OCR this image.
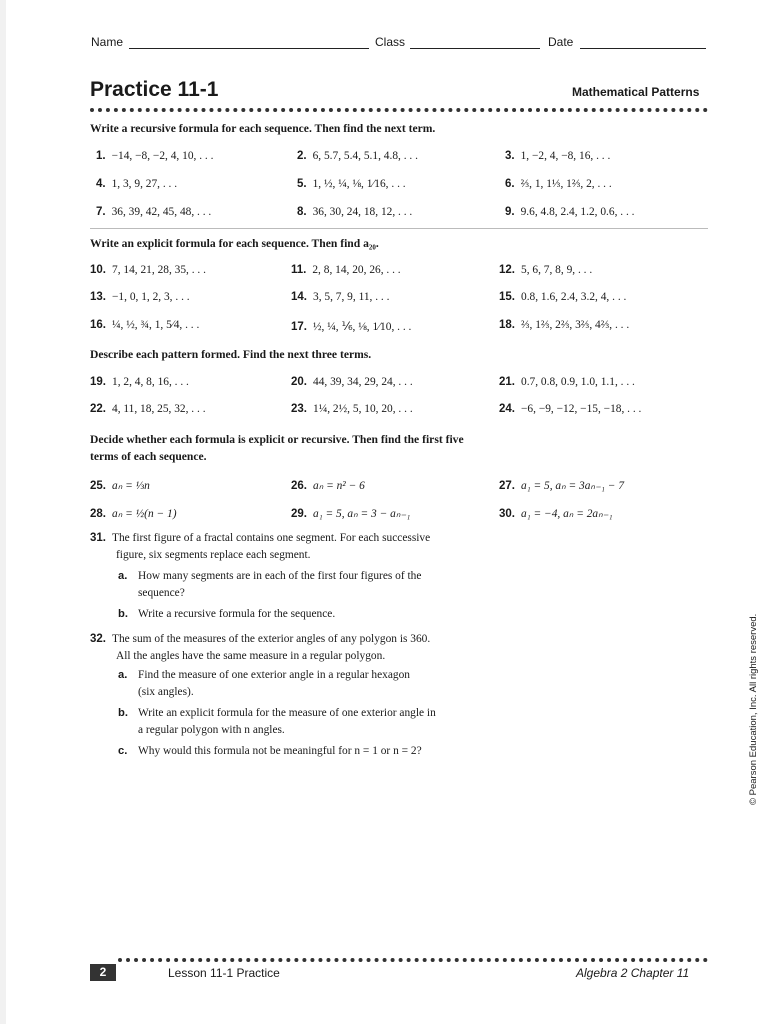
Name	Class	Date
Practice 11-1	Mathematical Patterns
Write a recursive formula for each sequence. Then find the next term.
1. −14, −8, −2, 4, 10, . . .	2. 6, 5.7, 5.4, 5.1, 4.8, . . .	3. 1, −2, 4, −8, 16, . . .
4. 1, 3, 9, 27, . . .	5. 1, ½, ¼, ⅛, 1⁄16, . . .	6. ⅔, 1, 1⅓, 1⅔, 2, . . .
7. 36, 39, 42, 45, 48, . . .	8. 36, 30, 24, 18, 12, . . .	9. 9.6, 4.8, 2.4, 1.2, 0.6, . . .
Write an explicit formula for each sequence. Then find a₂₀.
10. 7, 14, 21, 28, 35, . . .	11. 2, 8, 14, 20, 26, . . .	12. 5, 6, 7, 8, 9, . . .
13. −1, 0, 1, 2, 3, . . .	14. 3, 5, 7, 9, 11, . . .	15. 0.8, 1.6, 2.4, 3.2, 4, . . .
16. ¼, ½, ¾, 1, 5⁄4, . . .	17. ½, ¼, ⅙, ⅛, 1⁄10, . . .	18. ⅔, 1⅔, 2⅔, 3⅔, 4⅔, . . .
Describe each pattern formed. Find the next three terms.
19. 1, 2, 4, 8, 16, . . .	20. 44, 39, 34, 29, 24, . . .	21. 0.7, 0.8, 0.9, 1.0, 1.1, . . .
22. 4, 11, 18, 25, 32, . . .	23. 1¼, 2½, 5, 10, 20, . . .	24. −6, −9, −12, −15, −18, . . .
Decide whether each formula is explicit or recursive. Then find the first five
terms of each sequence.
25. aₙ = ⅓n	26. aₙ = n² − 6	27. a₁ = 5, aₙ = 3aₙ₋₁ − 7
28. aₙ = ½(n − 1)	29. a₁ = 5, aₙ = 3 − aₙ₋₁	30. a₁ = −4, aₙ = 2aₙ₋₁
31. The first figure of a fractal contains one segment. For each successive
figure, six segments replace each segment.
a. How many segments are in each of the first four figures of the
sequence?
b. Write a recursive formula for the sequence.
32. The sum of the measures of the exterior angles of any polygon is 360.
All the angles have the same measure in a regular polygon.
a. Find the measure of one exterior angle in a regular hexagon
(six angles).
b. Write an explicit formula for the measure of one exterior angle in
a regular polygon with n angles.
c. Why would this formula not be meaningful for n = 1 or n = 2?	© Pearson Education, Inc. All rights reserved.
2	Lesson 11-1 Practice	Algebra 2 Chapter 11
